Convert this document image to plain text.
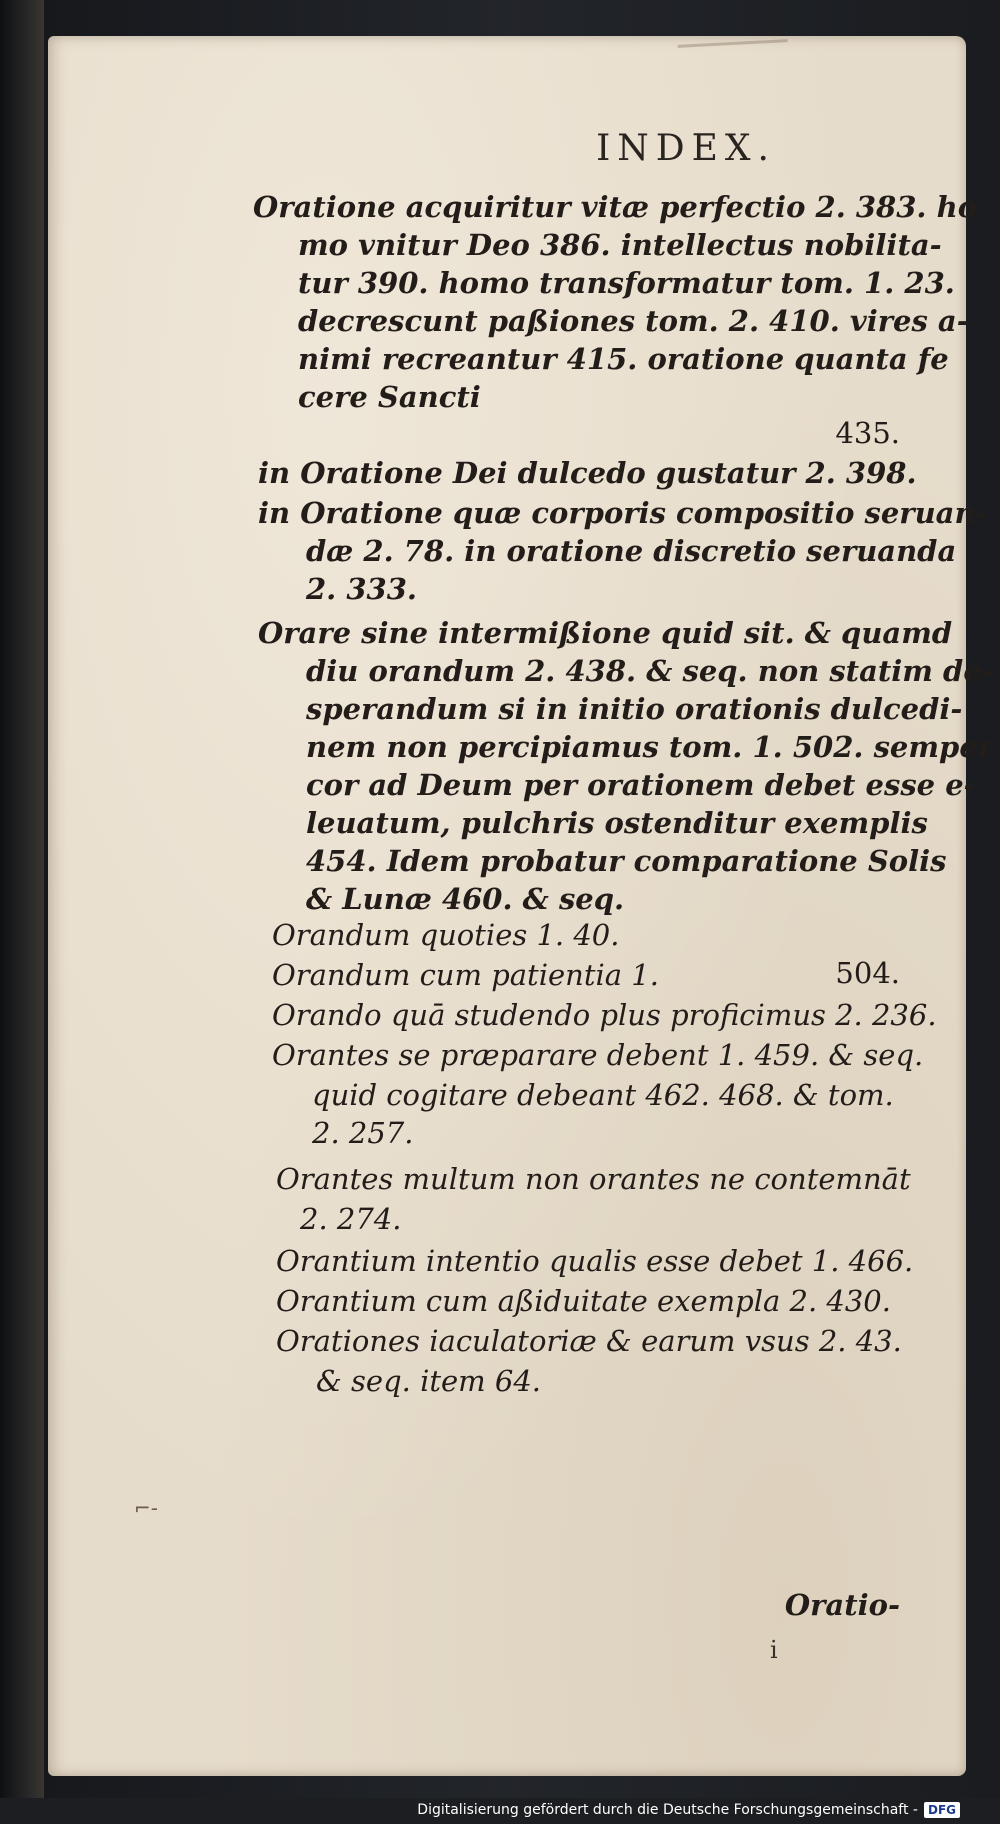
INDEX.
Oratione acquiritur vitæ perfectio 2. 383. ho
mo vnitur Deo 386. intellectus nobilita-
tur 390. homo transformatur tom. 1. 23.
decrescunt paßiones tom. 2. 410. vires a-
nimi recreantur 415. oratione quanta fe
cere Sancti
435.
in Oratione Dei dulcedo gustatur 2. 398.
in Oratione quæ corporis compositio seruan-
dæ 2. 78. in oratione discretio seruanda
2. 333.
Orare sine intermißione quid sit. & quamd
diu orandum 2. 438. & seq. non statim de-
sperandum si in initio orationis dulcedi-
nem non percipiamus tom. 1. 502. semper
cor ad Deum per orationem debet esse e-
leuatum, pulchris ostenditur exemplis
454. Idem probatur comparatione Solis
& Lunæ 460. & seq.
Orandum quoties 1. 40.
Orandum cum patientia 1.	504.
Orando quā studendo plus proficimus 2. 236.
Orantes se præparare debent 1. 459. & seq.
quid cogitare debeant 462. 468. & tom.
2. 257.
Orantes multum non orantes ne contemnāt
2. 274.
Orantium intentio qualis esse debet 1. 466.
Orantium cum aßiduitate exempla 2. 430.
Orationes iaculatoriæ & earum vsus 2. 43.
& seq. item 64.
⌐-
i
Oratio-
Digitalisierung gefördert durch die Deutsche Forschungsgemeinschaft - DFG
